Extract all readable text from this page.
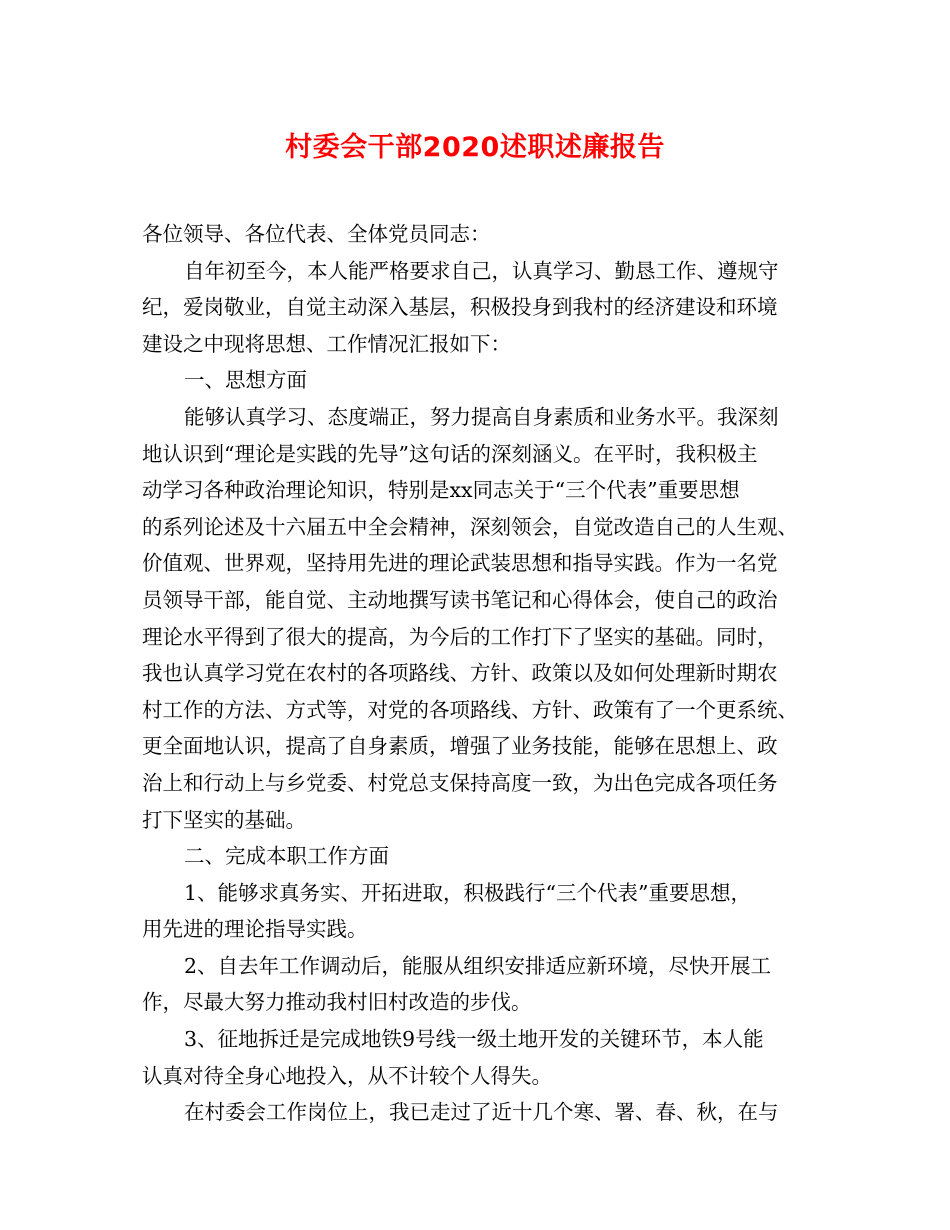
村委会干部2020述职述廉报告
各位领导、各位代表、全体党员同志：
自年初至今，本人能严格要求自己，认真学习、勤恳工作、遵规守
纪，爱岗敬业，自觉主动深入基层，积极投身到我村的经济建设和环境
建设之中现将思想、工作情况汇报如下：
一、思想方面
能够认真学习、态度端正，努力提高自身素质和业务水平。我深刻
地认识到“理论是实践的先导”这句话的深刻涵义。在平时，我积极主
动学习各种政治理论知识，特别是xx同志关于“三个代表”重要思想
的系列论述及十六届五中全会精神，深刻领会，自觉改造自己的人生观、
价值观、世界观，坚持用先进的理论武装思想和指导实践。作为一名党
员领导干部，能自觉、主动地撰写读书笔记和心得体会，使自己的政治
理论水平得到了很大的提高，为今后的工作打下了坚实的基础。同时，
我也认真学习党在农村的各项路线、方针、政策以及如何处理新时期农
村工作的方法、方式等，对党的各项路线、方针、政策有了一个更系统、
更全面地认识，提高了自身素质，增强了业务技能，能够在思想上、政
治上和行动上与乡党委、村党总支保持高度一致，为出色完成各项任务
打下坚实的基础。
二、完成本职工作方面
1、能够求真务实、开拓进取，积极践行“三个代表”重要思想，
用先进的理论指导实践。
2、自去年工作调动后，能服从组织安排适应新环境，尽快开展工
作，尽最大努力推动我村旧村改造的步伐。
3、征地拆迁是完成地铁9号线一级土地开发的关键环节，本人能
认真对待全身心地投入，从不计较个人得失。
在村委会工作岗位上，我已走过了近十几个寒、署、春、秋，在与
